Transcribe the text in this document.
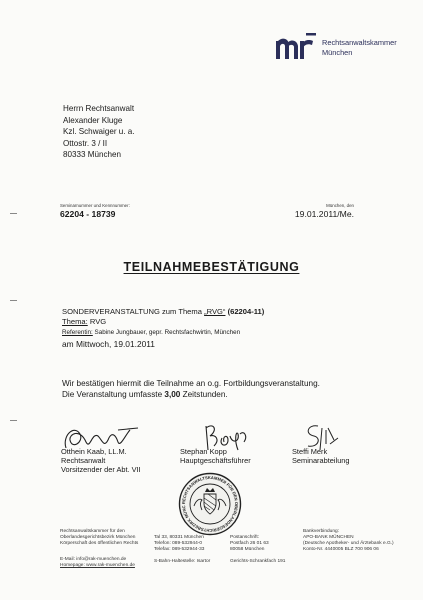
Rechtsanwaltskammer
München
Herrn Rechtsanwalt
Alexander Kluge
Kzl. Schwaiger u. a.
Ottostr. 3 / II
80333 München
Seminarnummer und Kennnummer:
62204 - 18739
München, den
19.01.2011/Me.
TEILNAHMEBESTÄTIGUNG
SONDERVERANSTALTUNG zum Thema „RVG“ (62204-11)
Thema: RVG
Referentin: Sabine Jungbauer, gepr. Rechtsfachwirtin, München
am Mittwoch, 19.01.2011
Wir bestätigen hiermit die Teilnahme an o.g. Fortbildungsveranstaltung.
Die Veranstaltung umfasste 3,00 Zeitstunden.
Otthein Kaab, LL.M.
Rechtsanwalt
Vorsitzender der Abt. VII
Stephan Kopp
Hauptgeschäftsführer
Steffi Merk
Seminarabteilung
RECHTSANWALTSKAMMER FÜR DEN OBERLANDESGERICHTSBEZIRK MÜNC
Rechtsanwaltskammer für den
Oberlandesgerichtsbezirk München
Körperschaft des öffentlichen Rechts
E-Mail: info@rak-muenchen.de
Homepage: www.rak-muenchen.de
Tal 33, 80331 München
Telefon: 089-532944-0
Telefax: 089-532944-33
S-Bahn-Haltestelle: Isartor
Postanschrift:
Postfach 26 01 63
80058 München
Gerichts-Schrankfach 191
Bankverbindung:
APO-BANK MÜNCHEN
(Deutsche Apotheker- und Ärztebank e.G.)
Konto-Nr. 4440005 BLZ 700 906 06
